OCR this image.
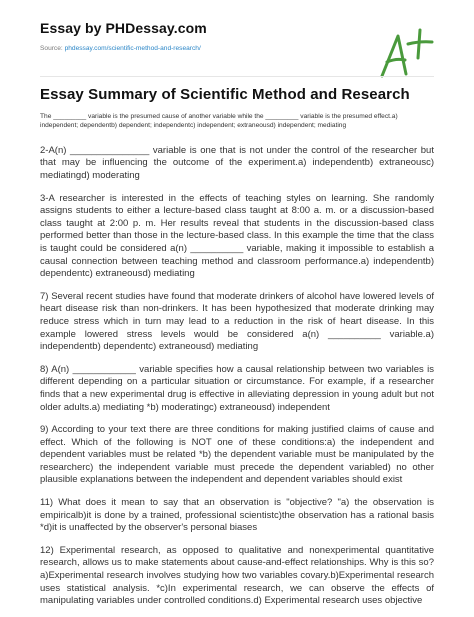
Essay by PHDessay.com
Source: phdessay.com/scientific-method-and-research/
Essay Summary of Scientific Method and Research
The _________ variable is the presumed cause of another variable while the _________ variable is the presumed effect.a) independent; dependentb) dependent; independentc) independent; extraneousd) independent; mediating

2-A(n) _______________ variable is one that is not under the control of the researcher but that may be influencing the outcome of the experiment.a) independentb) extraneousc) mediatingd) moderating

3-A researcher is interested in the effects of teaching styles on learning. She randomly assigns students to either a lecture-based class taught at 8:00 a. m. or a discussion-based class taught at 2:00 p. m. Her results reveal that students in the discussion-based class performed better than those in the lecture-based class. In this example the time that the class is taught could be considered a(n) __________ variable, making it impossible to establish a causal connection between teaching method and classroom performance.a) independentb) dependentc) extraneousd) mediating

7) Several recent studies have found that moderate drinkers of alcohol have lowered levels of heart disease risk than non-drinkers. It has been hypothesized that moderate drinking may reduce stress which in turn may lead to a reduction in the risk of heart disease. In this example lowered stress levels would be considered a(n) __________ variable.a) independentb) dependentc) extraneousd) mediating

8) A(n) ____________ variable specifies how a causal relationship between two variables is different depending on a particular situation or circumstance. For example, if a researcher finds that a new experimental drug is effective in alleviating depression in young adult but not older adults.a) mediating *b) moderatingc) extraneousd) independent

9) According to your text there are three conditions for making justified claims of cause and effect. Which of the following is NOT one of these conditions:a) the independent and dependent variables must be related *b) the dependent variable must be manipulated by the researcherc) the independent variable must precede the dependent variabled) no other plausible explanations between the independent and dependent variables should exist

11) What does it mean to say that an observation is "objective? "a) the observation is empiricalb)it is done by a trained, professional scientistc)the observation has a rational basis *d)it is unaffected by the observer's personal biases

12) Experimental research, as opposed to qualitative and nonexperimental quantitative research, allows us to make statements about cause-and-effect relationships. Why is this so?a)Experimental research involves studying how two variables covary.b)Experimental research uses statistical analysis. *c)In experimental research, we can observe the effects of manipulating variables under controlled conditions.d) Experimental research uses objective
